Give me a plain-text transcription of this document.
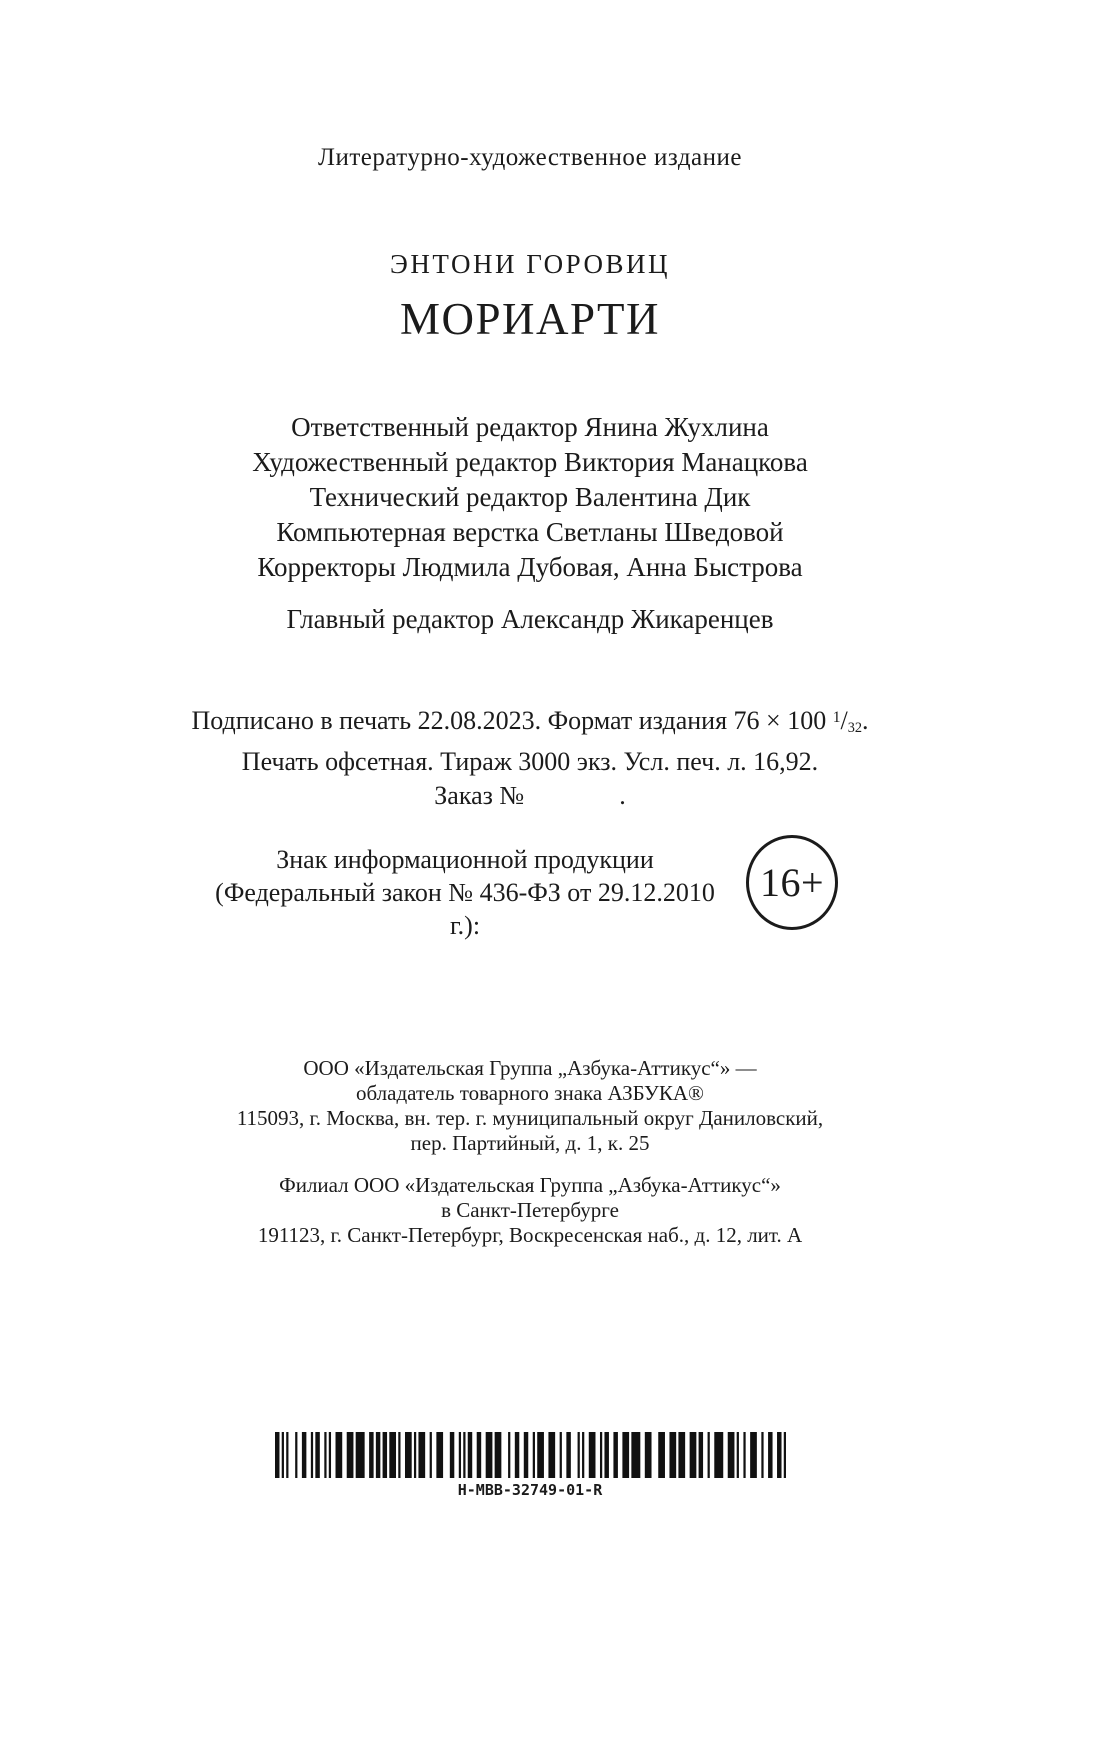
Литературно-художественное издание
ЭНТОНИ ГОРОВИЦ
МОРИАРТИ
Ответственный редактор Янина Жухлина
Художественный редактор Виктория Манацкова
Технический редактор Валентина Дик
Компьютерная верстка Светланы Шведовой
Корректоры Людмила Дубовая, Анна Быстрова
Главный редактор Александр Жикаренцев
Подписано в печать 22.08.2023. Формат издания 76 × 100 $^1$/32.
Печать офсетная. Тираж 3000 экз. Усл. печ. л. 16,92.
Заказ №	.
Знак информационной продукции
(Федеральный закон № 436-ФЗ от 29.12.2010 г.):
16+
ООО «Издательская Группа „Азбука-Аттикус“» —
обладатель товарного знака АЗБУКА®
115093, г. Москва, вн. тер. г. муниципальный округ Даниловский,
пер. Партийный, д. 1, к. 25
Филиал ООО «Издательская Группа „Азбука-Аттикус“»
в Санкт-Петербурге
191123, г. Санкт-Петербург, Воскресенская наб., д. 12, лит. А
H-MBB-32749-01-R
